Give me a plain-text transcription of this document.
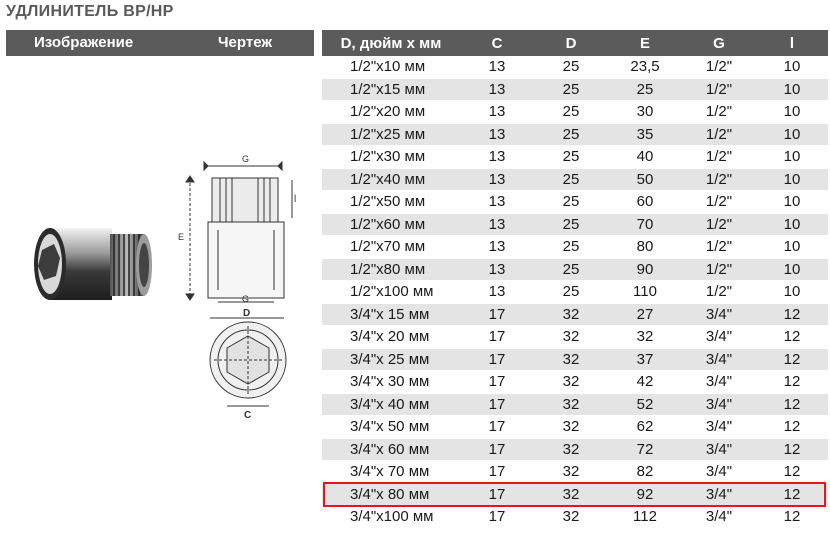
УДЛИНИТЕЛЬ ВР/НР
Изображение	Чертеж
G
l
E
G
D
C
D, дюйм х мм	C	D	E	G	l
1/2"x10 мм	13	25	23,5	1/2"	10
1/2"x15 мм	13	25	25	1/2"	10
1/2"x20 мм	13	25	30	1/2"	10
1/2"x25 мм	13	25	35	1/2"	10
1/2"x30 мм	13	25	40	1/2"	10
1/2"x40 мм	13	25	50	1/2"	10
1/2"x50 мм	13	25	60	1/2"	10
1/2"x60 мм	13	25	70	1/2"	10
1/2"x70 мм	13	25	80	1/2"	10
1/2"x80 мм	13	25	90	1/2"	10
1/2"x100 мм	13	25	110	1/2"	10
3/4"x 15 мм	17	32	27	3/4"	12
3/4"x 20 мм	17	32	32	3/4"	12
3/4"x 25 мм	17	32	37	3/4"	12
3/4"x 30 мм	17	32	42	3/4"	12
3/4"x 40 мм	17	32	52	3/4"	12
3/4"x 50 мм	17	32	62	3/4"	12
3/4"x 60 мм	17	32	72	3/4"	12
3/4"x 70 мм	17	32	82	3/4"	12
3/4"x 80 мм	17	32	92	3/4"	12
3/4"x100 мм	17	32	112	3/4"	12
